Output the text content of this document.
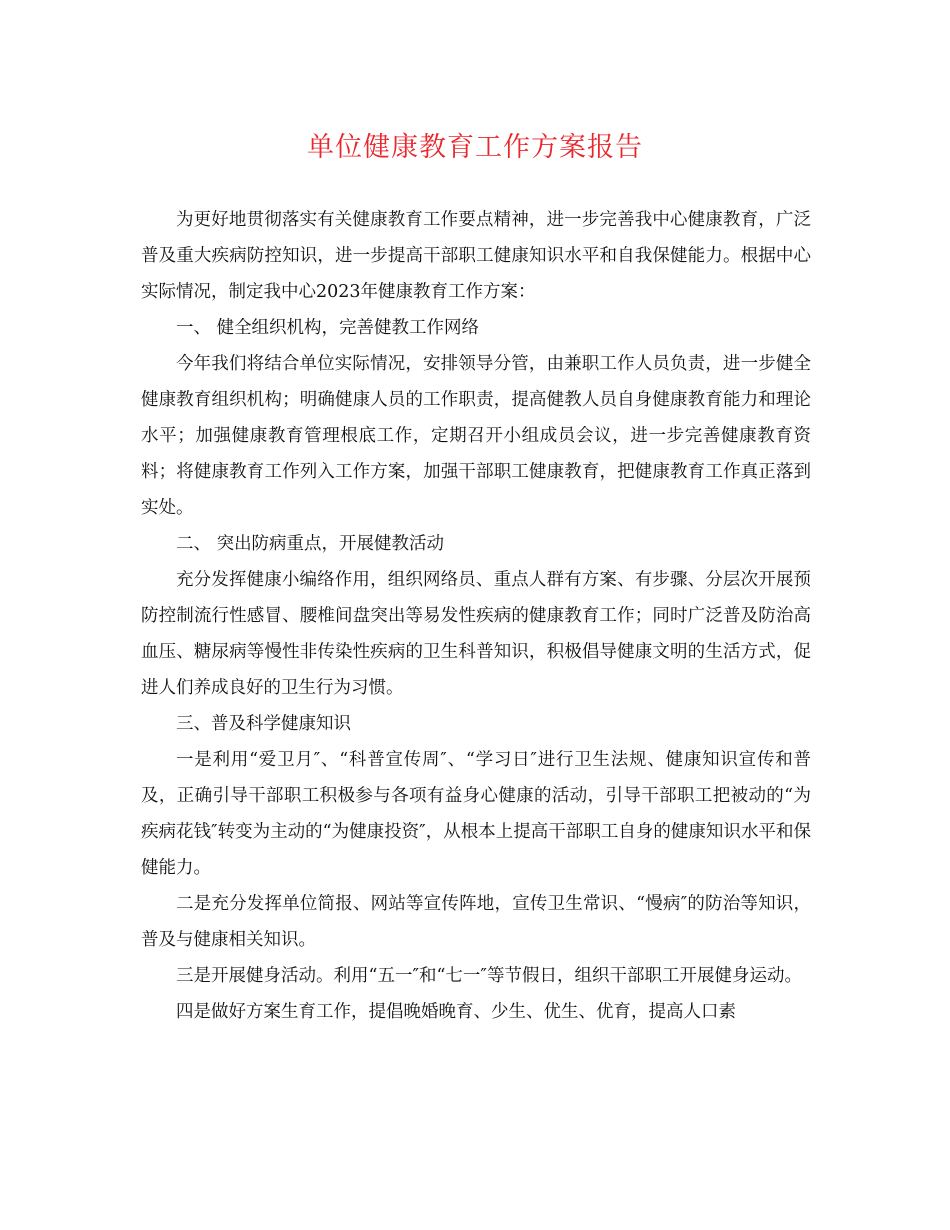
单位健康教育工作方案报告

为更好地贯彻落实有关健康教育工作要点精神，进一步完善我中心健康教育，广泛普及重大疾病防控知识，进一步提高干部职工健康知识水平和自我保健能力。根据中心实际情况，制定我中心2023年健康教育工作方案：

一、 健全组织机构，完善健教工作网络

今年我们将结合单位实际情况，安排领导分管，由兼职工作人员负责，进一步健全健康教育组织机构；明确健康人员的工作职责，提高健教人员自身健康教育能力和理论水平；加强健康教育管理根底工作，定期召开小组成员会议，进一步完善健康教育资料；将健康教育工作列入工作方案，加强干部职工健康教育，把健康教育工作真正落到实处。

二、 突出防病重点，开展健教活动

充分发挥健康小编络作用，组织网络员、重点人群有方案、有步骤、分层次开展预防控制流行性感冒、腰椎间盘突出等易发性疾病的健康教育工作；同时广泛普及防治高血压、糖尿病等慢性非传染性疾病的卫生科普知识，积极倡导健康文明的生活方式，促进人们养成良好的卫生行为习惯。

三、普及科学健康知识

一是利用“爱卫月″、“科普宣传周″、“学习日″进行卫生法规、健康知识宣传和普及，正确引导干部职工积极参与各项有益身心健康的活动，引导干部职工把被动的“为疾病花钱″转变为主动的“为健康投资″，从根本上提高干部职工自身的健康知识水平和保健能力。

二是充分发挥单位简报、网站等宣传阵地，宣传卫生常识、“慢病″的防治等知识，普及与健康相关知识。

三是开展健身活动。利用“五一″和“七一″等节假日，组织干部职工开展健身运动。

四是做好方案生育工作，提倡晚婚晚育、少生、优生、优育，提高人口素
